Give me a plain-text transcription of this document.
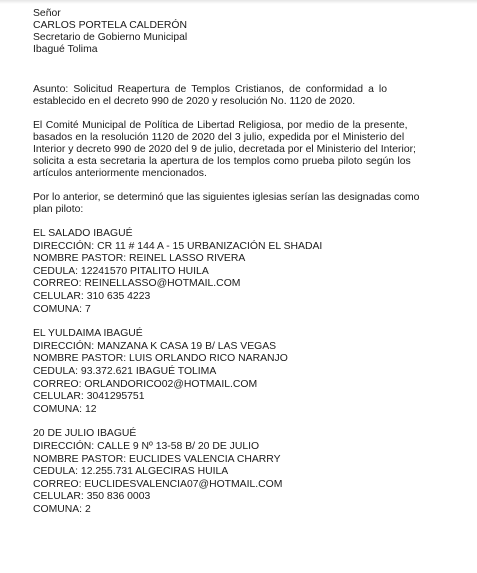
Señor
CARLOS PORTELA CALDERÓN
Secretario de Gobierno Municipal
Ibagué Tolima
Asunto: Solicitud Reapertura de Templos Cristianos, de conformidad a lo
establecido en el decreto 990 de 2020 y resolución No. 1120 de 2020.
El Comité Municipal de Política de Libertad Religiosa, por medio de la presente,
basados en la resolución 1120 de 2020 del 3 julio, expedida por el Ministerio del
Interior y decreto 990 de 2020 del 9 de julio, decretada por el Ministerio del Interior;
solicita a esta secretaria la apertura de los templos como prueba piloto según los
artículos anteriormente mencionados.
Por lo anterior, se determinó que las siguientes iglesias serían las designadas como
plan piloto:
EL SALADO IBAGUÉ
DIRECCIÓN: CR 11 # 144 A - 15 URBANIZACIÓN EL SHADAI
NOMBRE PASTOR: REINEL LASSO RIVERA
CEDULA: 12241570 PITALITO HUILA
CORREO: REINELLASSO@HOTMAIL.COM
CELULAR: 310 635 4223
COMUNA: 7
EL YULDAIMA IBAGUÉ
DIRECCIÓN: MANZANA K CASA 19 B/ LAS VEGAS
NOMBRE PASTOR: LUIS ORLANDO RICO NARANJO
CEDULA: 93.372.621 IBAGUÉ TOLIMA
CORREO: ORLANDORICO02@HOTMAIL.COM
CELULAR: 3041295751
COMUNA: 12
20 DE JULIO IBAGUÉ
DIRECCIÓN: CALLE 9 Nº 13-58 B/ 20 DE JULIO
NOMBRE PASTOR: EUCLIDES VALENCIA CHARRY
CEDULA: 12.255.731 ALGECIRAS HUILA
CORREO: EUCLIDESVALENCIA07@HOTMAIL.COM
CELULAR: 350 836 0003
COMUNA: 2
